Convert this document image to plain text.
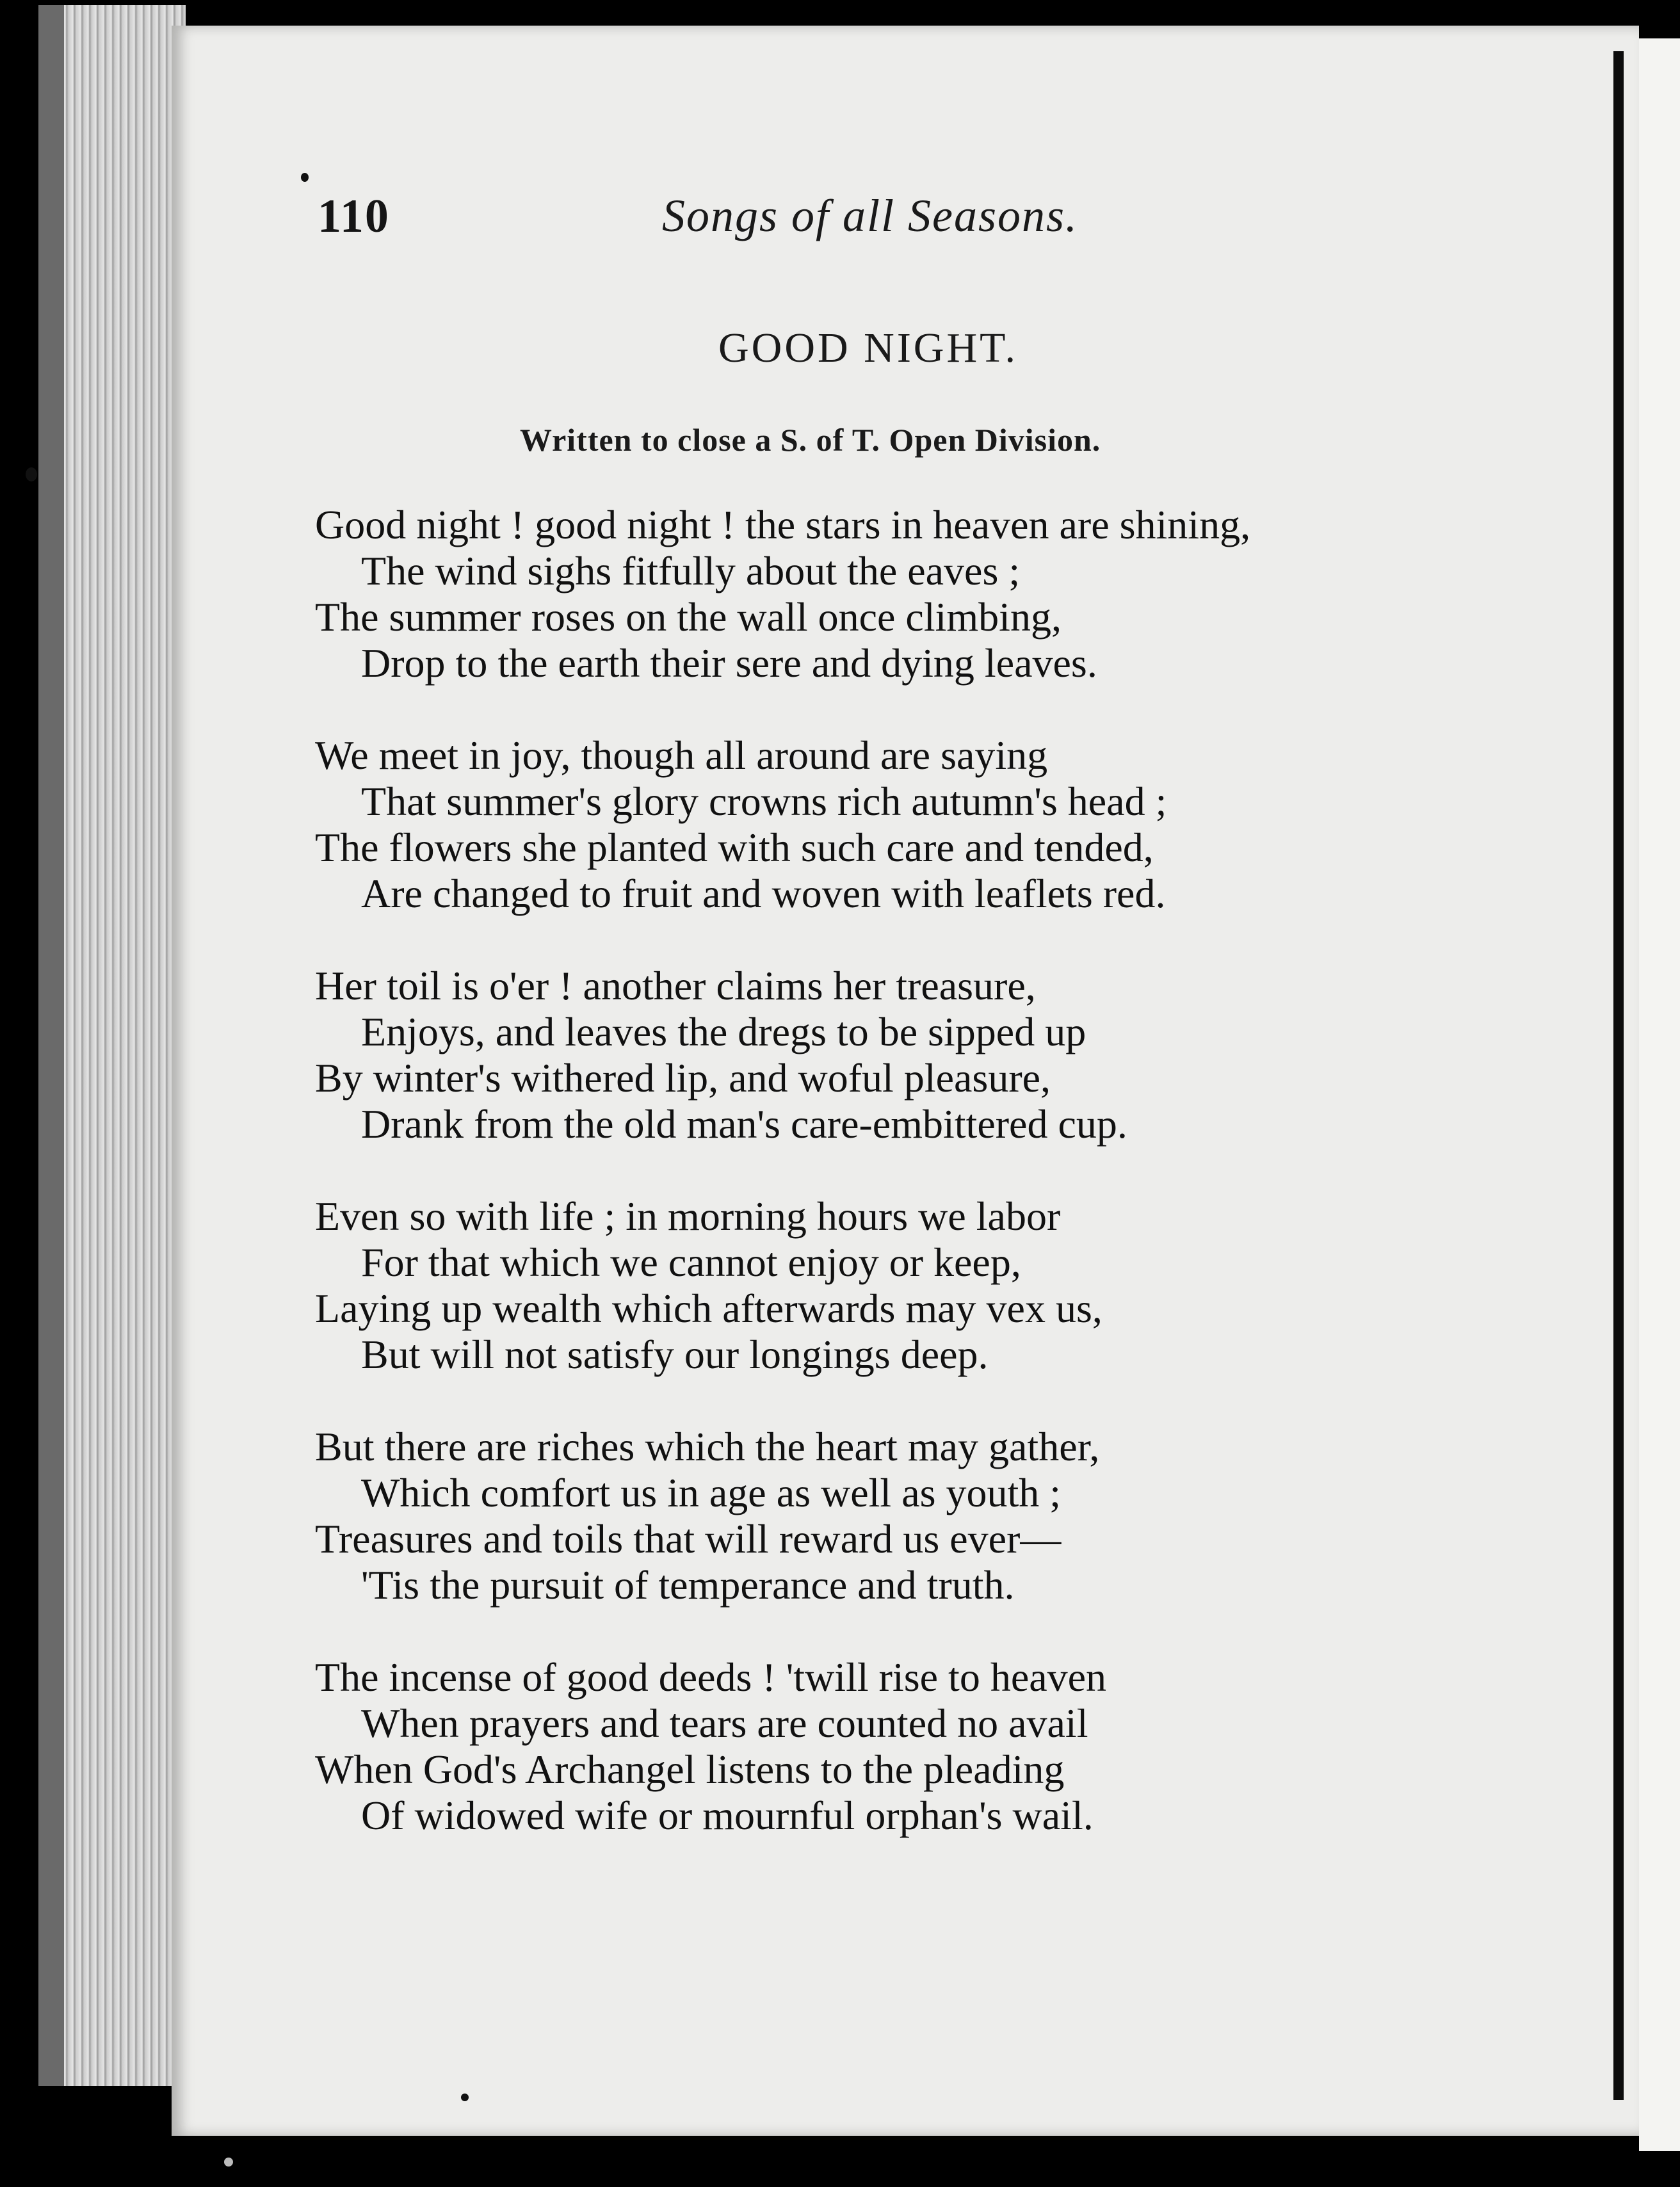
110	Songs of all Seasons.
GOOD NIGHT.
Written to close a S. of T. Open Division.
Good night ! good night ! the stars in heaven are shining,
The wind sighs fitfully about the eaves ;
The summer roses on the wall once climbing,
Drop to the earth their sere and dying leaves.
We meet in joy, though all around are saying
That summer's glory crowns rich autumn's head ;
The flowers she planted with such care and tended,
Are changed to fruit and woven with leaflets red.
Her toil is o'er ! another claims her treasure,
Enjoys, and leaves the dregs to be sipped up
By winter's withered lip, and woful pleasure,
Drank from the old man's care-embittered cup.
Even so with life ; in morning hours we labor
For that which we cannot enjoy or keep,
Laying up wealth which afterwards may vex us,
But will not satisfy our longings deep.
But there are riches which the heart may gather,
Which comfort us in age as well as youth ;
Treasures and toils that will reward us ever—
'Tis the pursuit of temperance and truth.
The incense of good deeds ! 'twill rise to heaven
When prayers and tears are counted no avail
When God's Archangel listens to the pleading
Of widowed wife or mournful orphan's wail.
